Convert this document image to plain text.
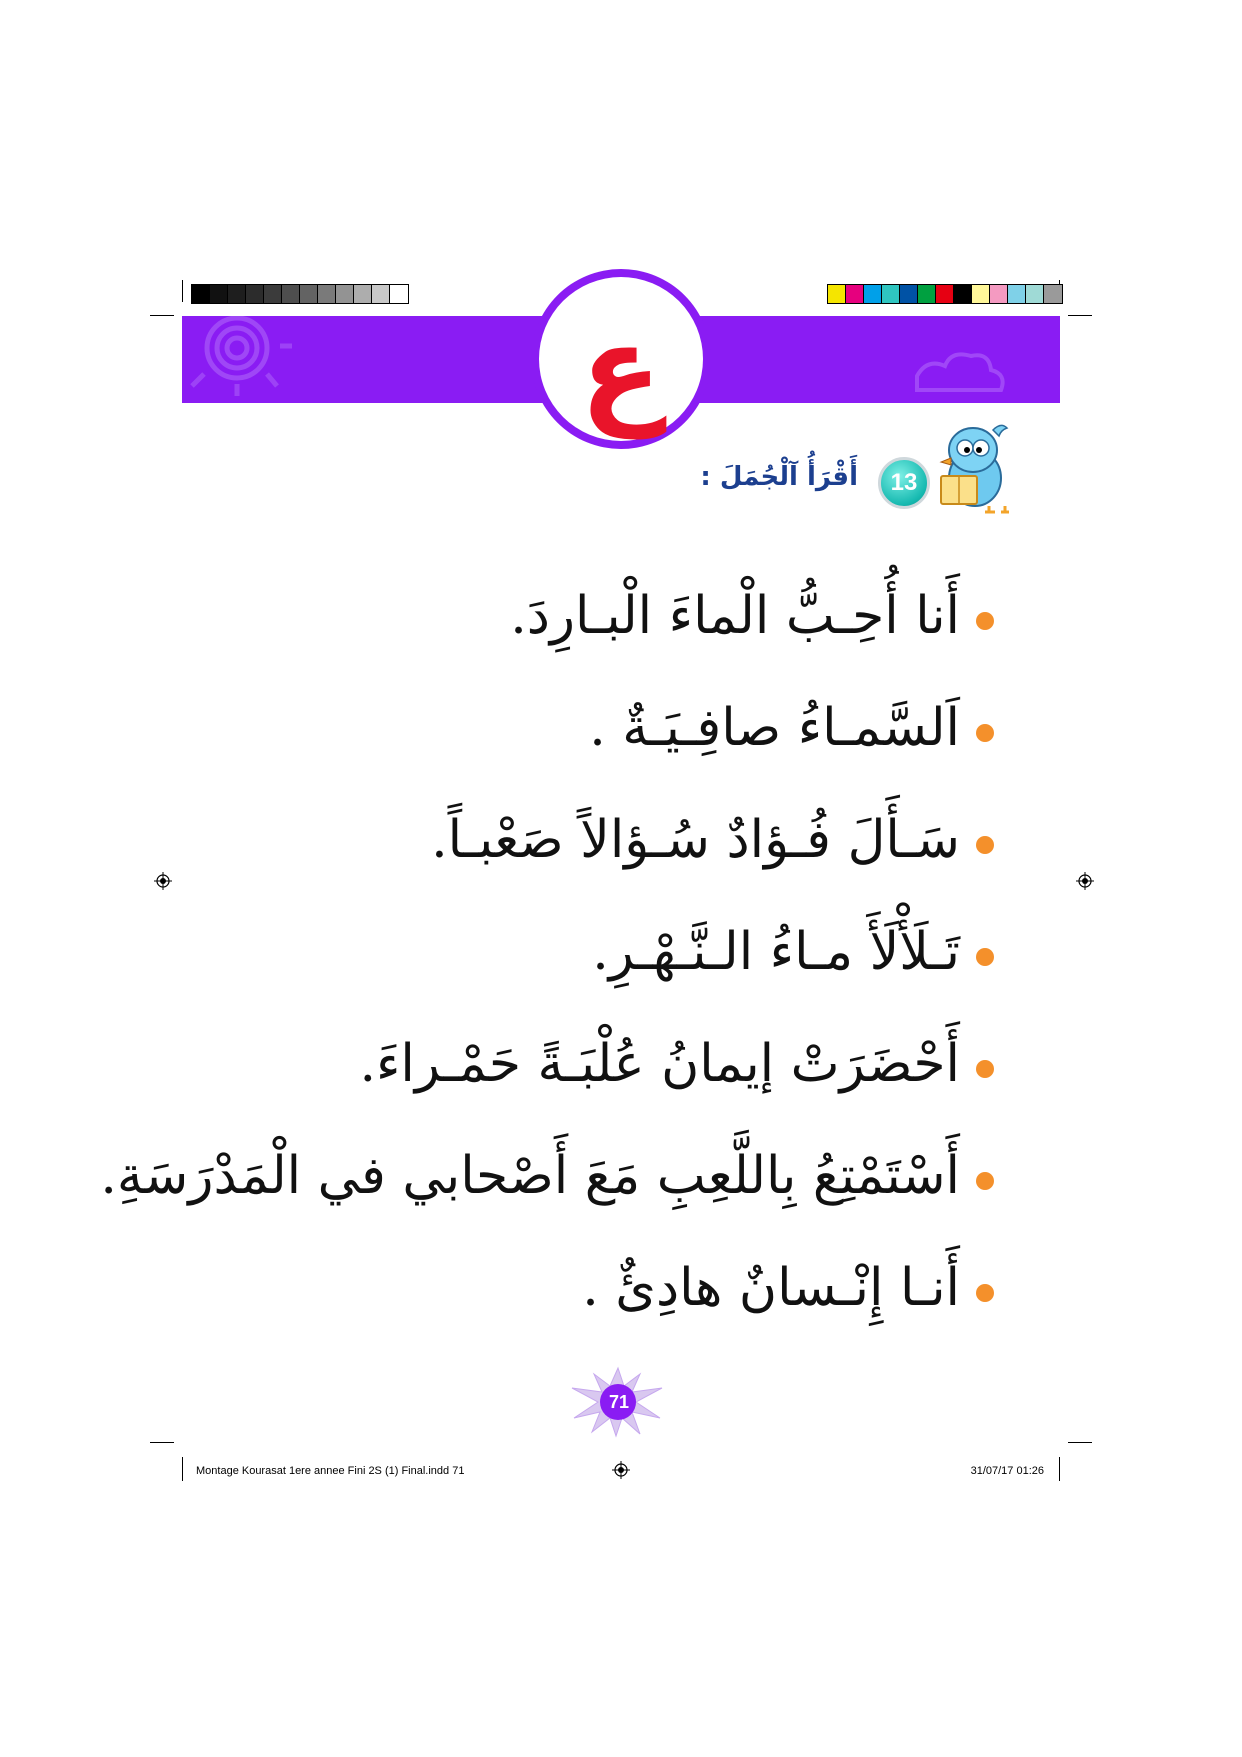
ع
13
أَقْرَأُ آلْجُمَلَ :
أَنا أُحِـبُّ الْماءَ الْبـارِدَ.
اَلسَّمـاءُ صافِـيَـةٌ .
سَـأَلَ فُـؤادٌ سُـؤالاً صَعْبـاً.
تَـلَأْلَأَ مـاءُ الـنَّـهْـرِ.
أَحْضَرَتْ إيمانُ عُلْبَـةً حَمْـراءَ.
أَسْتَمْتِعُ بِاللَّعِبِ مَعَ أَصْحابي في الْمَدْرَسَةِ.
أَنـا إِنْـسانٌ هادِئٌ .
71
Montage Kourasat 1ere annee Fini 2S (1) Final.indd 71	31/07/17 01:26
